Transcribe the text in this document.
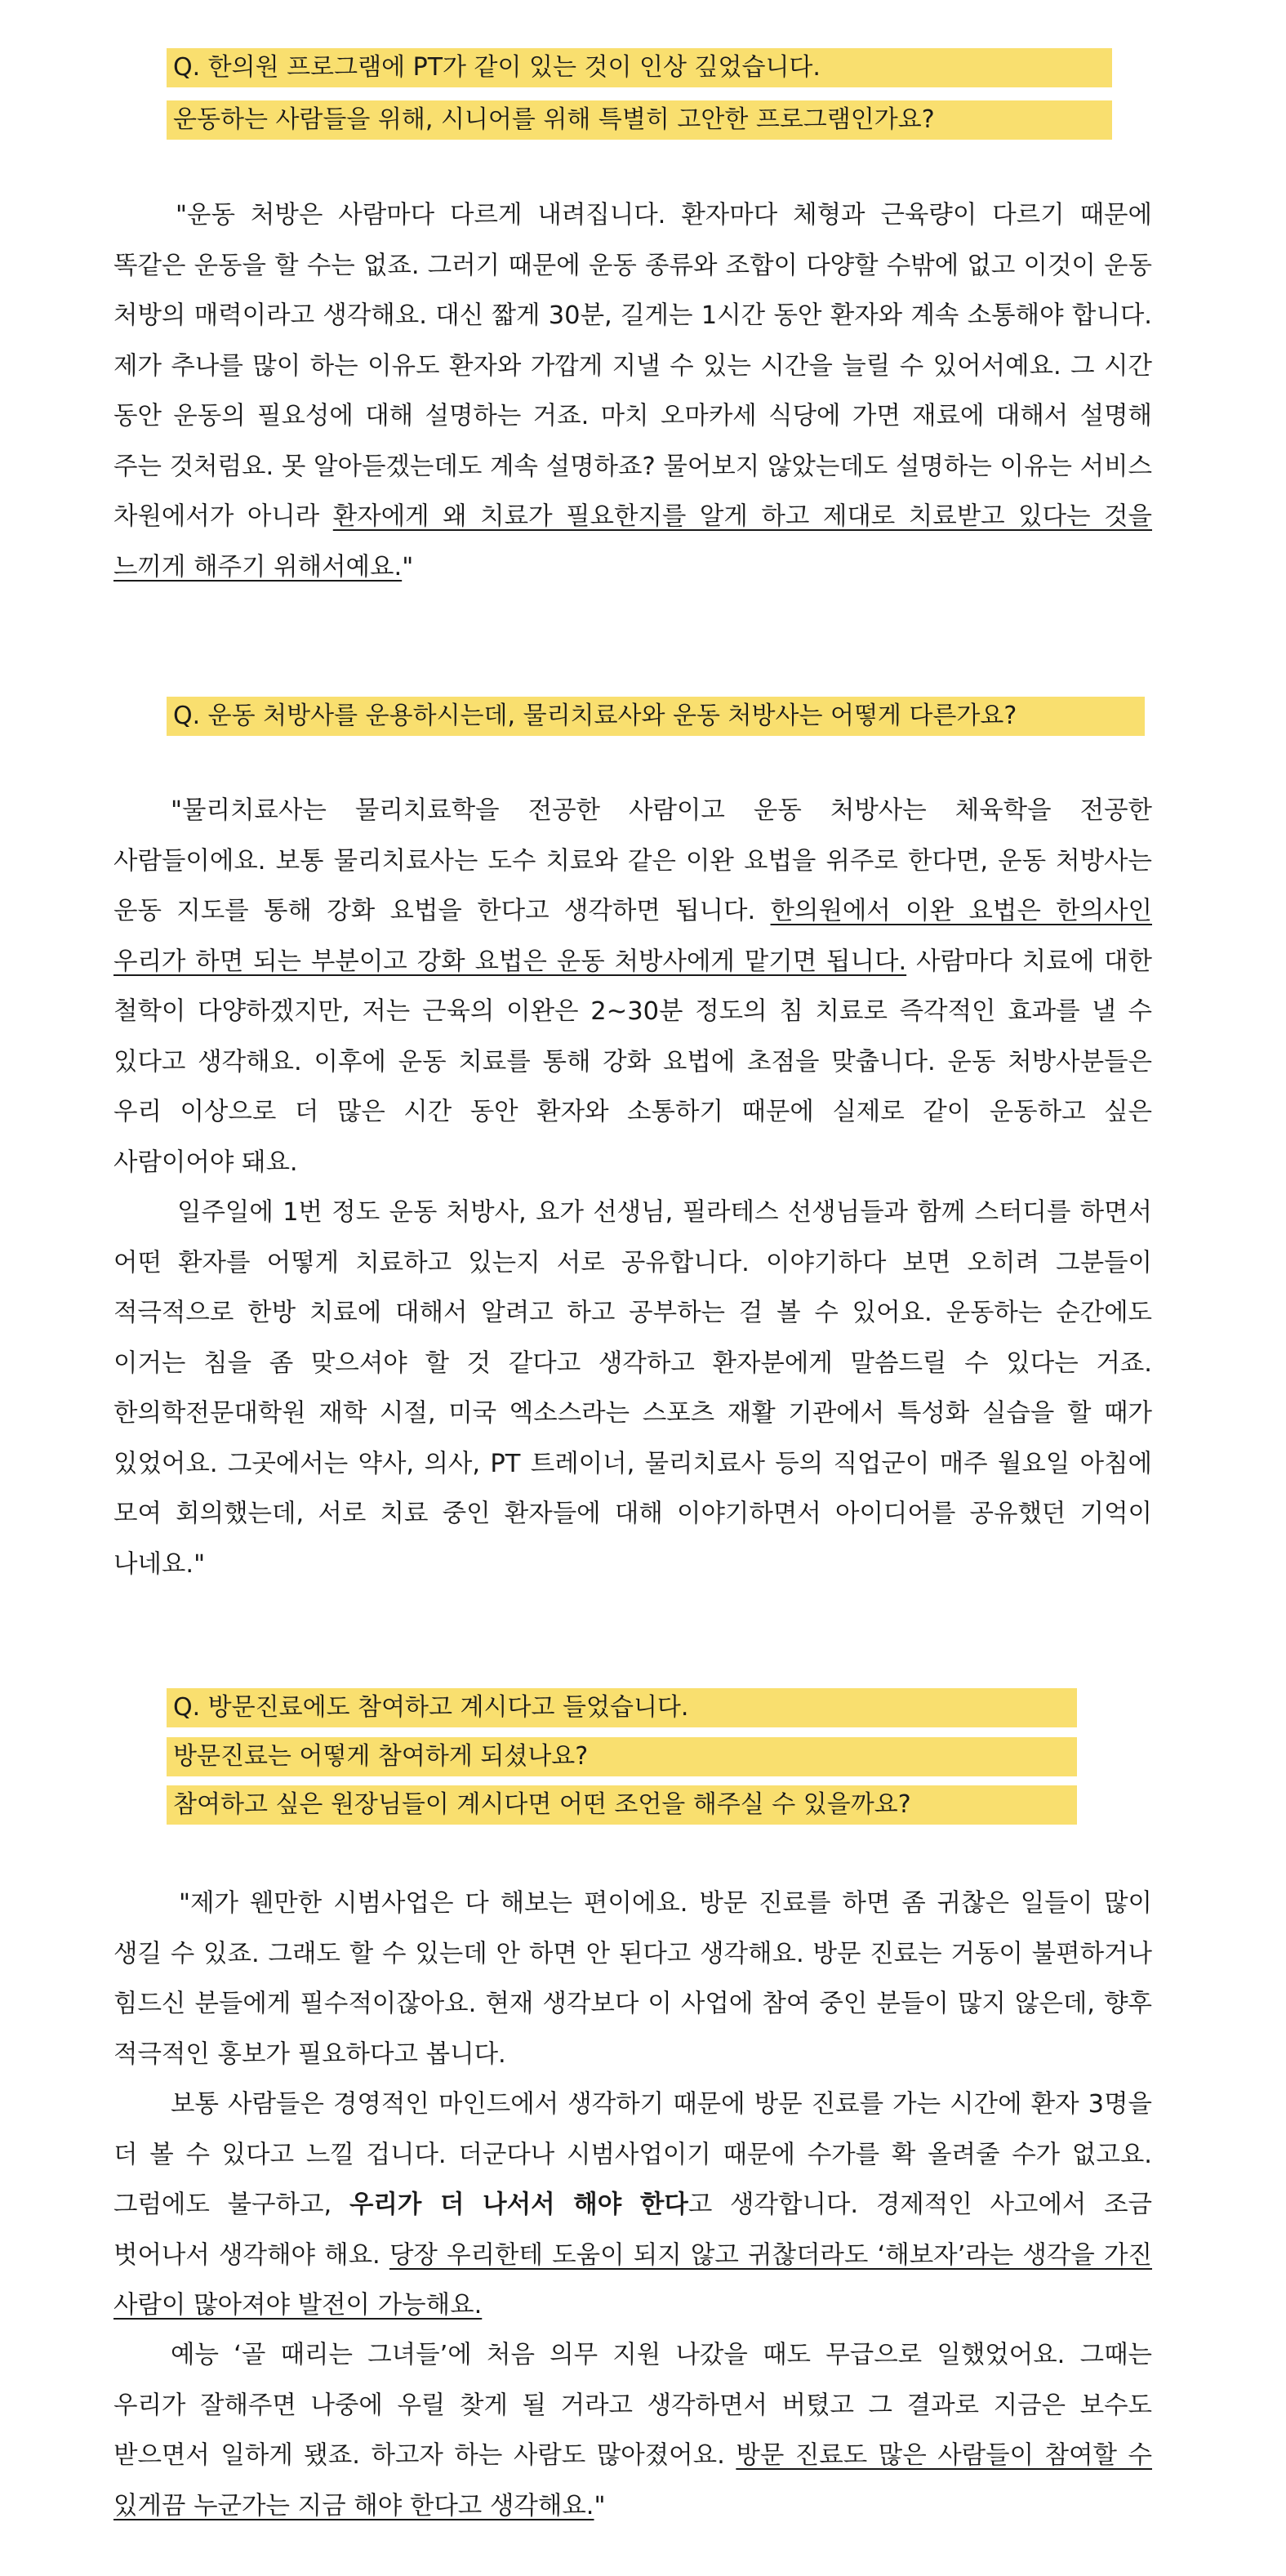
Q. 한의원 프로그램에 PT가 같이 있는 것이 인상 깊었습니다.
운동하는 사람들을 위해, 시니어를 위해 특별히 고안한 프로그램인가요?

"운동 처방은 사람마다 다르게 내려집니다. 환자마다 체형과 근육량이 다르기 때문에 똑같은 운동을 할 수는 없죠. 그러기 때문에 운동 종류와 조합이 다양할 수밖에 없고 이것이 운동 처방의 매력이라고 생각해요. 대신 짧게 30분, 길게는 1시간 동안 환자와 계속 소통해야 합니다. 제가 추나를 많이 하는 이유도 환자와 가깝게 지낼 수 있는 시간을 늘릴 수 있어서예요. 그 시간 동안 운동의 필요성에 대해 설명하는 거죠. 마치 오마카세 식당에 가면 재료에 대해서 설명해 주는 것처럼요. 못 알아듣겠는데도 계속 설명하죠? 물어보지 않았는데도 설명하는 이유는 서비스 차원에서가 아니라 환자에게 왜 치료가 필요한지를 알게 하고 제대로 치료받고 있다는 것을 느끼게 해주기 위해서예요."

Q. 운동 처방사를 운용하시는데, 물리치료사와 운동 처방사는 어떻게 다른가요?

"물리치료사는 물리치료학을 전공한 사람이고 운동 처방사는 체육학을 전공한 사람들이에요. 보통 물리치료사는 도수 치료와 같은 이완 요법을 위주로 한다면, 운동 처방사는 운동 지도를 통해 강화 요법을 한다고 생각하면 됩니다. 한의원에서 이완 요법은 한의사인 우리가 하면 되는 부분이고 강화 요법은 운동 처방사에게 맡기면 됩니다. 사람마다 치료에 대한 철학이 다양하겠지만, 저는 근육의 이완은 2~30분 정도의 침 치료로 즉각적인 효과를 낼 수 있다고 생각해요. 이후에 운동 치료를 통해 강화 요법에 초점을 맞춥니다. 운동 처방사분들은 우리 이상으로 더 많은 시간 동안 환자와 소통하기 때문에 실제로 같이 운동하고 싶은 사람이어야 돼요.

일주일에 1번 정도 운동 처방사, 요가 선생님, 필라테스 선생님들과 함께 스터디를 하면서 어떤 환자를 어떻게 치료하고 있는지 서로 공유합니다. 이야기하다 보면 오히려 그분들이 적극적으로 한방 치료에 대해서 알려고 하고 공부하는 걸 볼 수 있어요. 운동하는 순간에도 이거는 침을 좀 맞으셔야 할 것 같다고 생각하고 환자분에게 말씀드릴 수 있다는 거죠. 한의학전문대학원 재학 시절, 미국 엑소스라는 스포츠 재활 기관에서 특성화 실습을 할 때가 있었어요. 그곳에서는 약사, 의사, PT 트레이너, 물리치료사 등의 직업군이 매주 월요일 아침에 모여 회의했는데, 서로 치료 중인 환자들에 대해 이야기하면서 아이디어를 공유했던 기억이 나네요."

Q. 방문진료에도 참여하고 계시다고 들었습니다.
방문진료는 어떻게 참여하게 되셨나요?
참여하고 싶은 원장님들이 계시다면 어떤 조언을 해주실 수 있을까요?

"제가 웬만한 시범사업은 다 해보는 편이에요. 방문 진료를 하면 좀 귀찮은 일들이 많이 생길 수 있죠. 그래도 할 수 있는데 안 하면 안 된다고 생각해요. 방문 진료는 거동이 불편하거나 힘드신 분들에게 필수적이잖아요. 현재 생각보다 이 사업에 참여 중인 분들이 많지 않은데, 향후 적극적인 홍보가 필요하다고 봅니다.

보통 사람들은 경영적인 마인드에서 생각하기 때문에 방문 진료를 가는 시간에 환자 3명을 더 볼 수 있다고 느낄 겁니다. 더군다나 시범사업이기 때문에 수가를 확 올려줄 수가 없고요. 그럼에도 불구하고, 우리가 더 나서서 해야 한다고 생각합니다. 경제적인 사고에서 조금 벗어나서 생각해야 해요. 당장 우리한테 도움이 되지 않고 귀찮더라도 ‘해보자’라는 생각을 가진 사람이 많아져야 발전이 가능해요.

예능 ‘골 때리는 그녀들’에 처음 의무 지원 나갔을 때도 무급으로 일했었어요. 그때는 우리가 잘해주면 나중에 우릴 찾게 될 거라고 생각하면서 버텼고 그 결과로 지금은 보수도 받으면서 일하게 됐죠. 하고자 하는 사람도 많아졌어요. 방문 진료도 많은 사람들이 참여할 수 있게끔 누군가는 지금 해야 한다고 생각해요."
